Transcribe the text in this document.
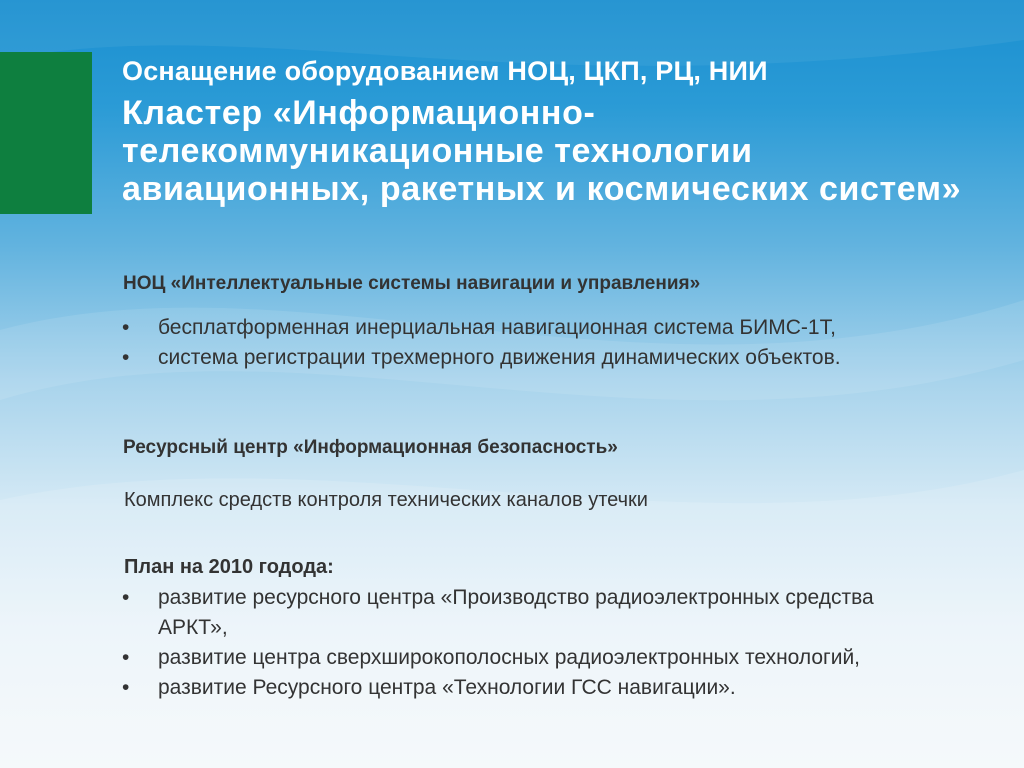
Оснащение оборудованием НОЦ, ЦКП, РЦ, НИИ
Кластер «Информационно-телекоммуникационные технологии авиационных, ракетных и космических систем»
НОЦ «Интеллектуальные системы навигации и управления»
• бесплатформенная инерциальная навигационная система БИМС-1Т,
• система регистрации трехмерного движения динамических объектов.
Ресурсный центр «Информационная безопасность»
Комплекс средств контроля технических каналов утечки
План на 2010 годода:
• развитие ресурсного центра «Производство радиоэлектронных средства АРКТ»,
• развитие центра сверхширокополосных радиоэлектронных технологий,
• развитие Ресурсного центра «Технологии ГСС навигации».
